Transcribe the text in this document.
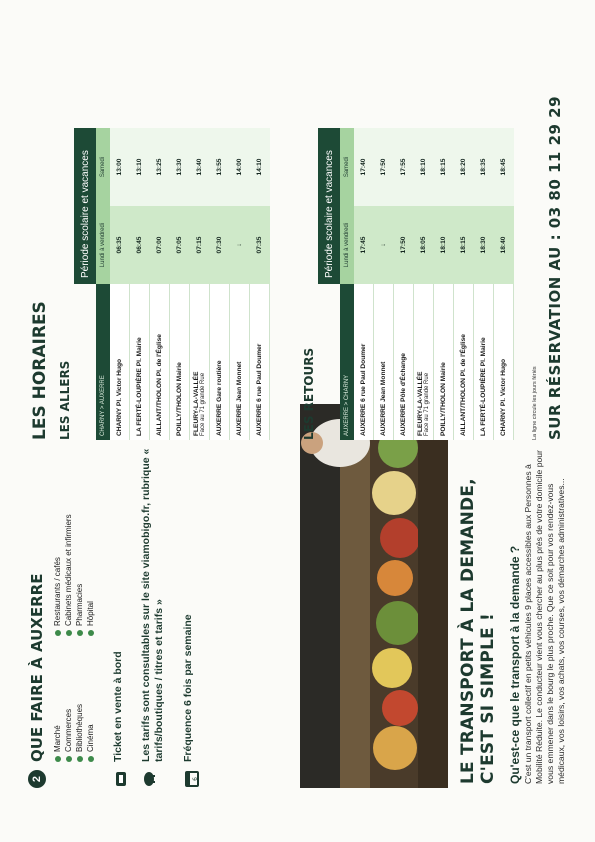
LE TRANSPORT À LA DEMANDE, C'EST SI SIMPLE ! Qu'est-ce que le transport à la demande ? C'est un transport collectif en petits véhicules 9 places accessibles aux Personnes à Mobilité Réduite. Le conducteur vient vous chercher au plus près de votre domicile pour vous emmener dans le bourg le plus proche. Que ce soit pour vos rendez-vous médicaux, vos loisirs, vos achats, vos courses, vos démarches administratives...
2
QUE FAIRE À AUXERRE Marché Commerces Bibliothèques Cinéma
Restaurants / cafés Cabinets médicaux et infirmiers Pharmacies Hôpital
Ticket en vente à bord Les tarifs sont consultables sur le site viamobigo.fr, rubrique « tarifs/boutiques / titres et tarifs »
6
Fréquence 6 fois par semaine
LES HORAIRES LES ALLERS
	Période scolaire et vacances	
CHARNY > AUXERRE	Lundi à vendredi	Samedi
CHARNY Pl. Victor Hugo	06:35	13:00
LA FERTÉ-LOUPIÈRE Pl. Mairie	06:45	13:10
AILLANT/THOLON Pl. de l'Église	07:00	13:25
POILLY/THOLON Mairie	07:05	13:30
FLEURY-LA-VALLÉE Face au 71 grande Rue	07:15	13:40
AUXERRE Gare routière	07:30	13:55
AUXERRE Jean Monnet	↓	14:00
AUXERRE 6 rue Paul Doumer	07:35	14:10
LES RETOURS
	Période scolaire et vacances	
AUXERRE > CHARNY	Lundi à vendredi	Samedi
AUXERRE 6 rue Paul Doumer	17:45	17:40
AUXERRE Jean Monnet	↓	17:50
AUXERRE Pôle d'Échange	17:50	17:55
FLEURY-LA-VALLÉE Face au 71 grande Rue	18:05	18:10
POILLY/THOLON Mairie	18:10	18:15
AILLANT/THOLON Pl. de l'Église	18:15	18:20
LA FERTÉ-LOUPIÈRE Pl. Mairie	18:30	18:35
CHARNY Pl. Victor Hugo	18:40	18:45
La ligne circule les jours fériés SUR RÉSERVATION AU : 03 80 11 29 29
